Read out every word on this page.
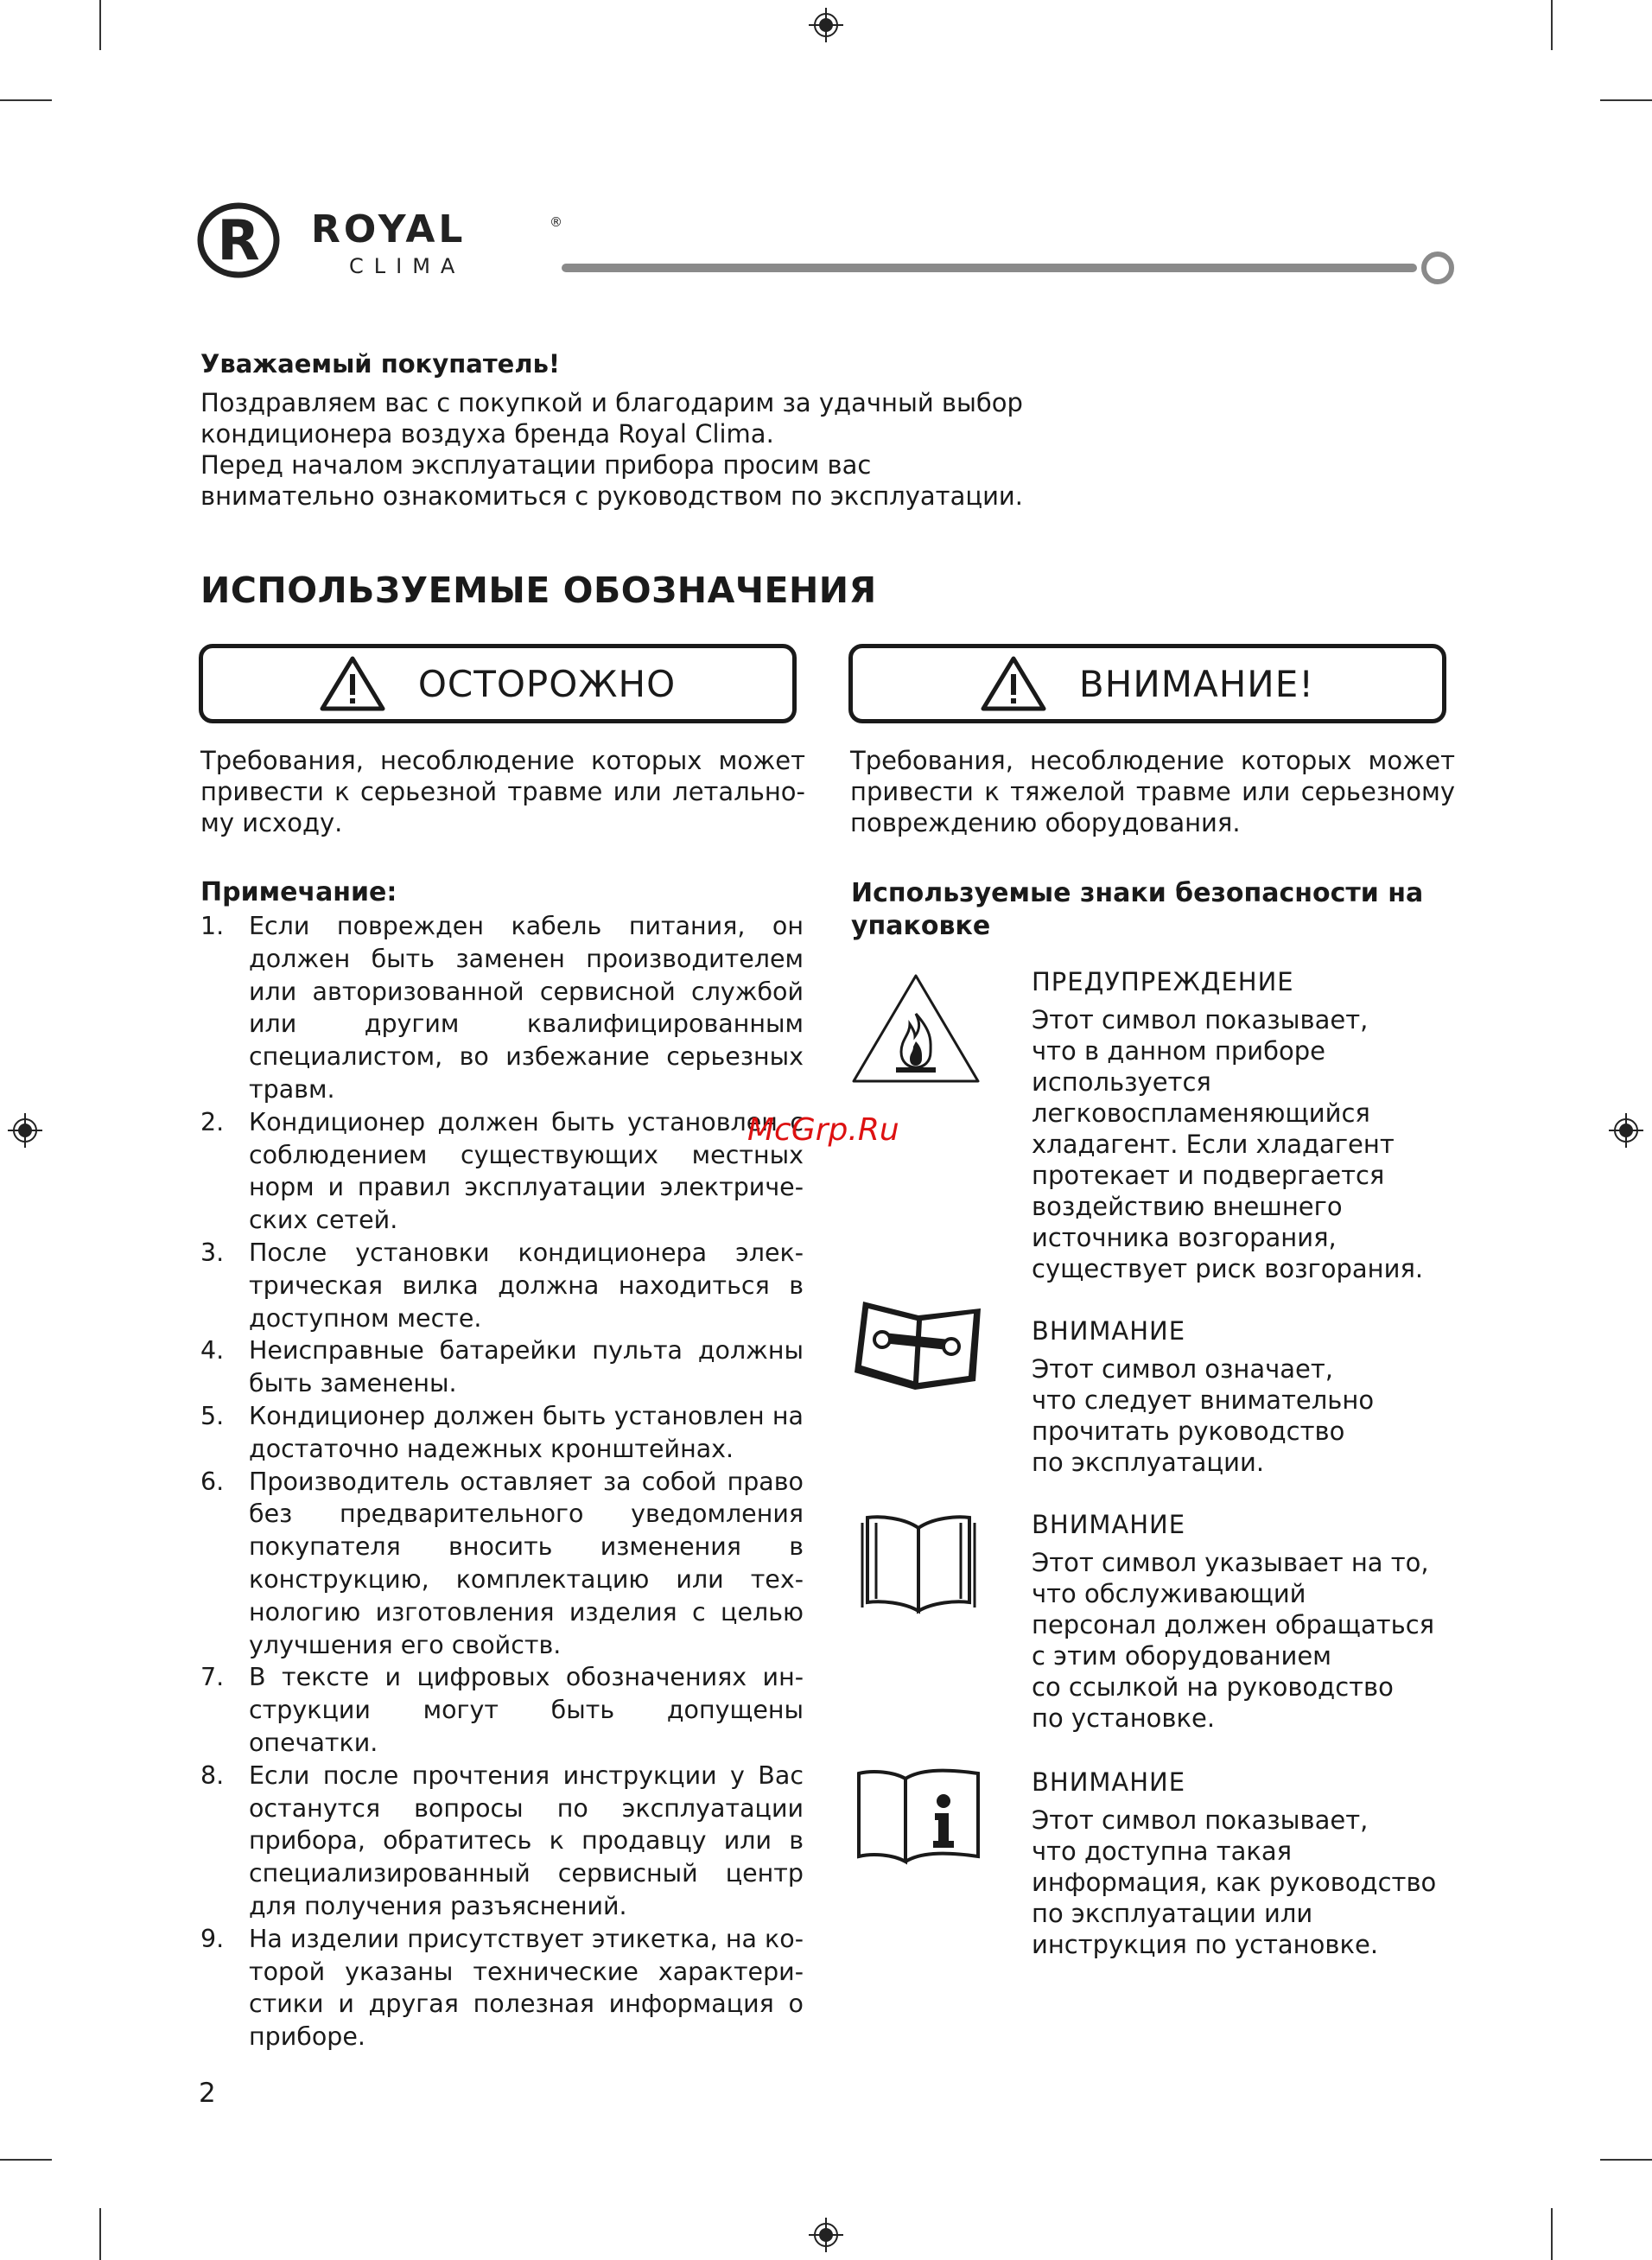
R ROYAL	®
CLIMA
Уважаемый покупатель!
Поздравляем вас с покупкой и благодарим за удачный выбор
кондиционера воздуха бренда Royal Clima.
Перед началом эксплуатации прибора просим вас
внимательно ознакомиться с руководством по эксплуатации.
ИСПОЛЬЗУЕМЫЕ ОБОЗНАЧЕНИЯ
ОСТОРОЖНО
Требования, несоблюдение которых может привести к серьезной травме или летальному исходу.
ВНИМАНИЕ!
Требования, несоблюдение которых может привести к тяжелой травме или серьезному повреждению оборудования.
Примечание:
1. Если поврежден кабель питания, он должен быть заменен производителем или авторизованной сервисной службой или другим квалифицированным специалистом, во избежание серьезных травм.
2. Кондиционер должен быть установлен с соблюдением существующих местных норм и правил эксплуатации электрических сетей.
3. После установки кондиционера электрическая вилка должна находиться в доступном месте.
4. Неисправные батарейки пульта должны быть заменены.
5. Кондиционер должен быть установлен на достаточно надежных кронштейнах.
6. Производитель оставляет за собой право без предварительного уведомления покупателя вносить изменения в конструкцию, комплектацию или технологию изготовления изделия с целью улучшения его свойств.
7. В тексте и цифровых обозначениях инструкции могут быть допущены опечатки.
8. Если после прочтения инструкции у Вас останутся вопросы по эксплуатации прибора, обратитесь к продавцу или в специализированный сервисный центр для получения разъяснений.
9. На изделии присутствует этикетка, на которой указаны технические характеристики и другая полезная информация о приборе.
Используемые знаки безопасности на упаковке
ПРЕДУПРЕЖДЕНИЕ
Этот символ показывает,
что в данном приборе
используется
легковоспламеняющийся
хладагент. Если хладагент
протекает и подвергается
воздействию внешнего
источника возгорания,
существует риск возгорания.
ВНИМАНИЕ
Этот символ означает,
что следует внимательно
прочитать руководство
по эксплуатации.
ВНИМАНИЕ
Этот символ указывает на то,
что обслуживающий
персонал должен обращаться
с этим оборудованием
со ссылкой на руководство
по установке.
ВНИМАНИЕ
Этот символ показывает,
что доступна такая
информация, как руководство
по эксплуатации или
инструкция по установке.
McGrp.Ru
2
